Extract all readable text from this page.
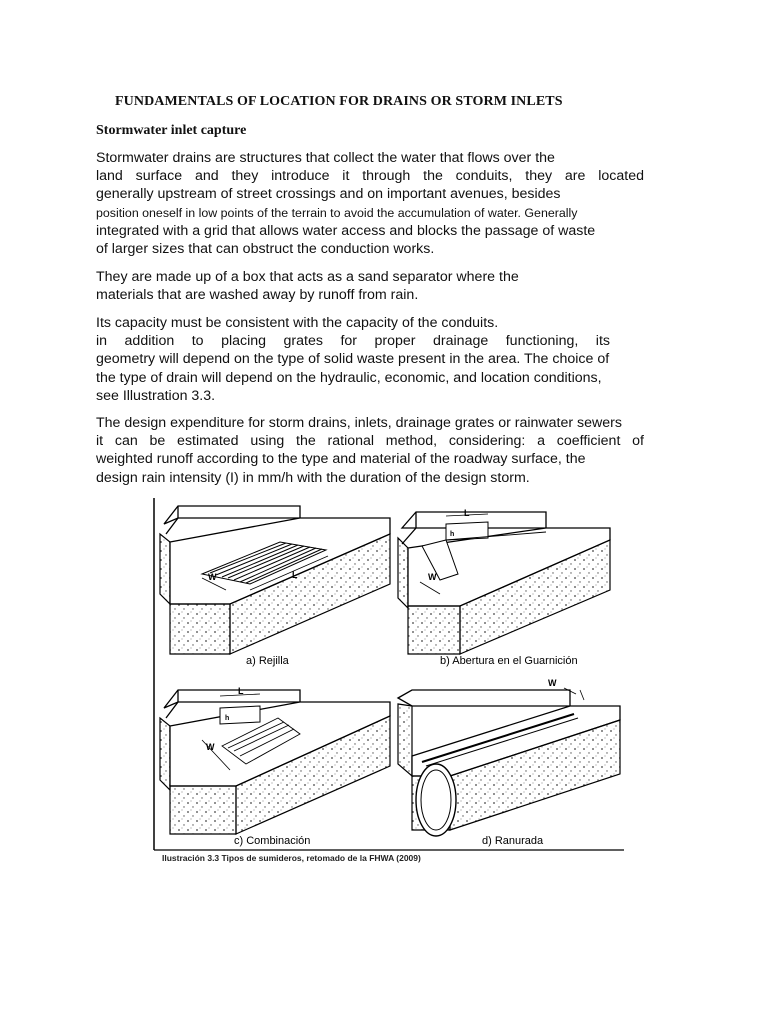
FUNDAMENTALS OF LOCATION FOR DRAINS OR STORM INLETS
Stormwater inlet capture
Stormwater drains are structures that collect the water that flows over the
land surface and they introduce it through the conduits, they are located
generally upstream of street crossings and on important avenues, besides
position oneself in low points of the terrain to avoid the accumulation of water. Generally
integrated with a grid that allows water access and blocks the passage of waste
of larger sizes that can obstruct the conduction works.
They are made up of a box that acts as a sand separator where the
materials that are washed away by runoff from rain.
Its capacity must be consistent with the capacity of the conduits.
in addition to placing grates for proper drainage functioning, its
geometry will depend on the type of solid waste present in the area. The choice of
the type of drain will depend on the hydraulic, economic, and location conditions,
see Illustration 3.3.
The design expenditure for storm drains, inlets, drainage grates or rainwater sewers
it can be estimated using the rational method, considering: a coefficient of
weighted runoff according to the type and material of the roadway surface, the
design rain intensity (I) in mm/h with the duration of the design storm.
W	L
a) Rejilla
L
h
W
b) Abertura en el Guarnición
L
h
W
c) Combinación
W
d) Ranurada
Ilustración 3.3 Tipos de sumideros, retomado de la FHWA (2009)
